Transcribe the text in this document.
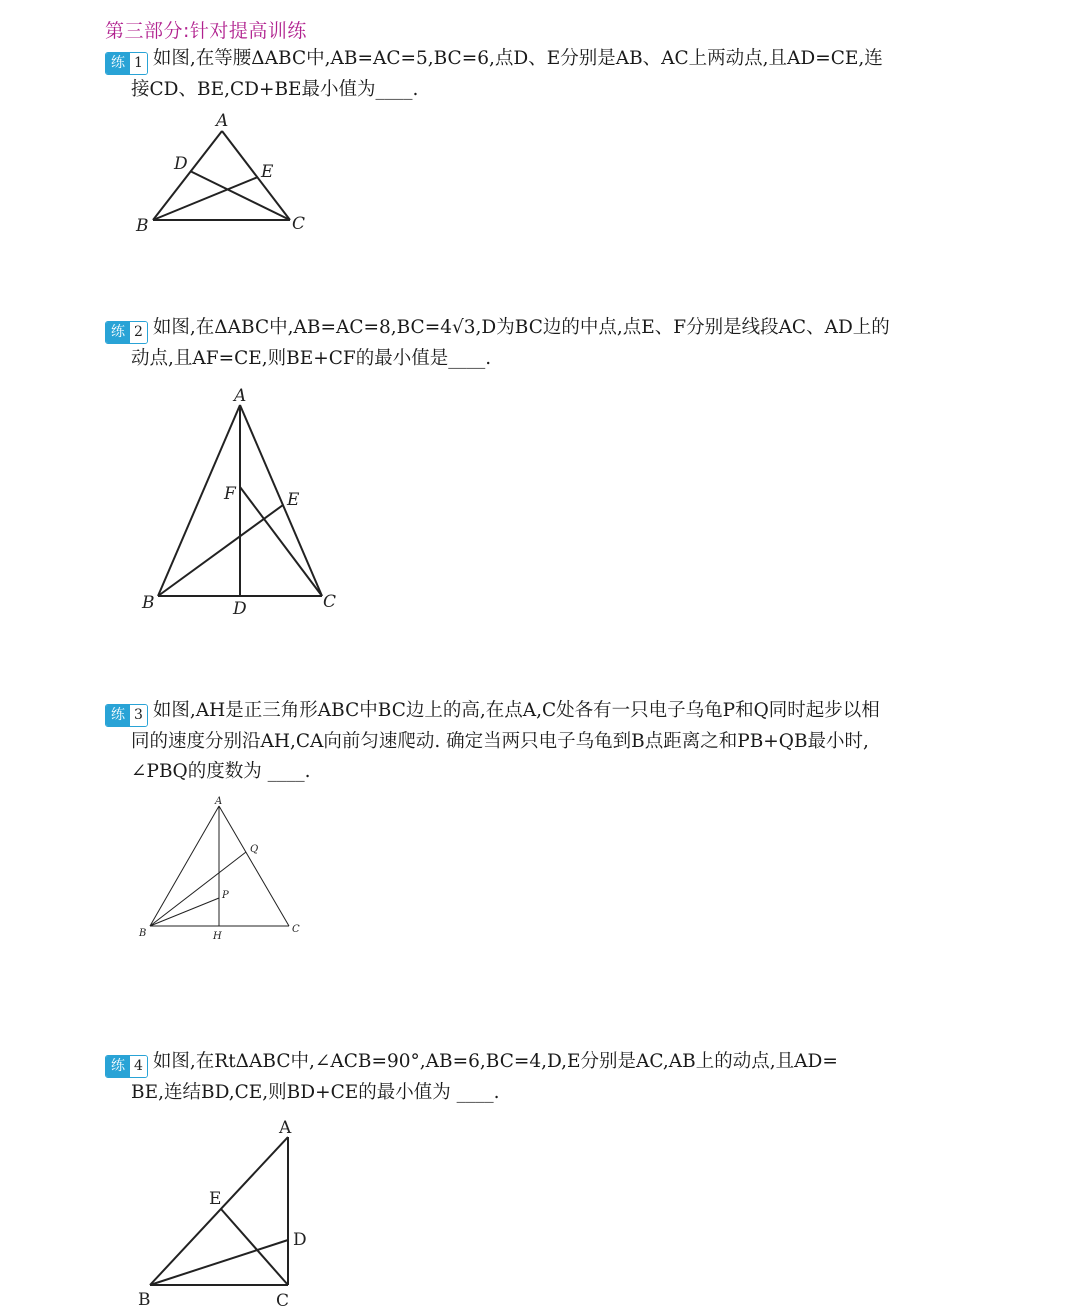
第三部分:针对提高训练
练 1 如图,在等腰ΔABC中,AB=AC=5,BC=6,点D、E分别是AB、AC上两动点,且AD=CE,连
接CD、BE,CD+BE最小值为____.
A
B	C
D	E
练 2 如图,在ΔABC中,AB=AC=8,BC=4√3,D为BC边的中点,点E、F分别是线段AC、AD上的
动点,且AF=CE,则BE+CF的最小值是____.
A
B	C
D
E
F
练 3 如图,AH是正三角形ABC中BC边上的高,在点A,C处各有一只电子乌龟P和Q同时起步以相
同的速度分别沿AH,CA向前匀速爬动. 确定当两只电子乌龟到B点距离之和PB+QB最小时,
∠PBQ的度数为 ____.
A
B	C
H
P
Q
练 4 如图,在RtΔABC中,∠ACB=90°,AB=6,BC=4,D,E分别是AC,AB上的动点,且AD=
BE,连结BD,CE,则BD+CE的最小值为 ____.
A
B	C
D
E
